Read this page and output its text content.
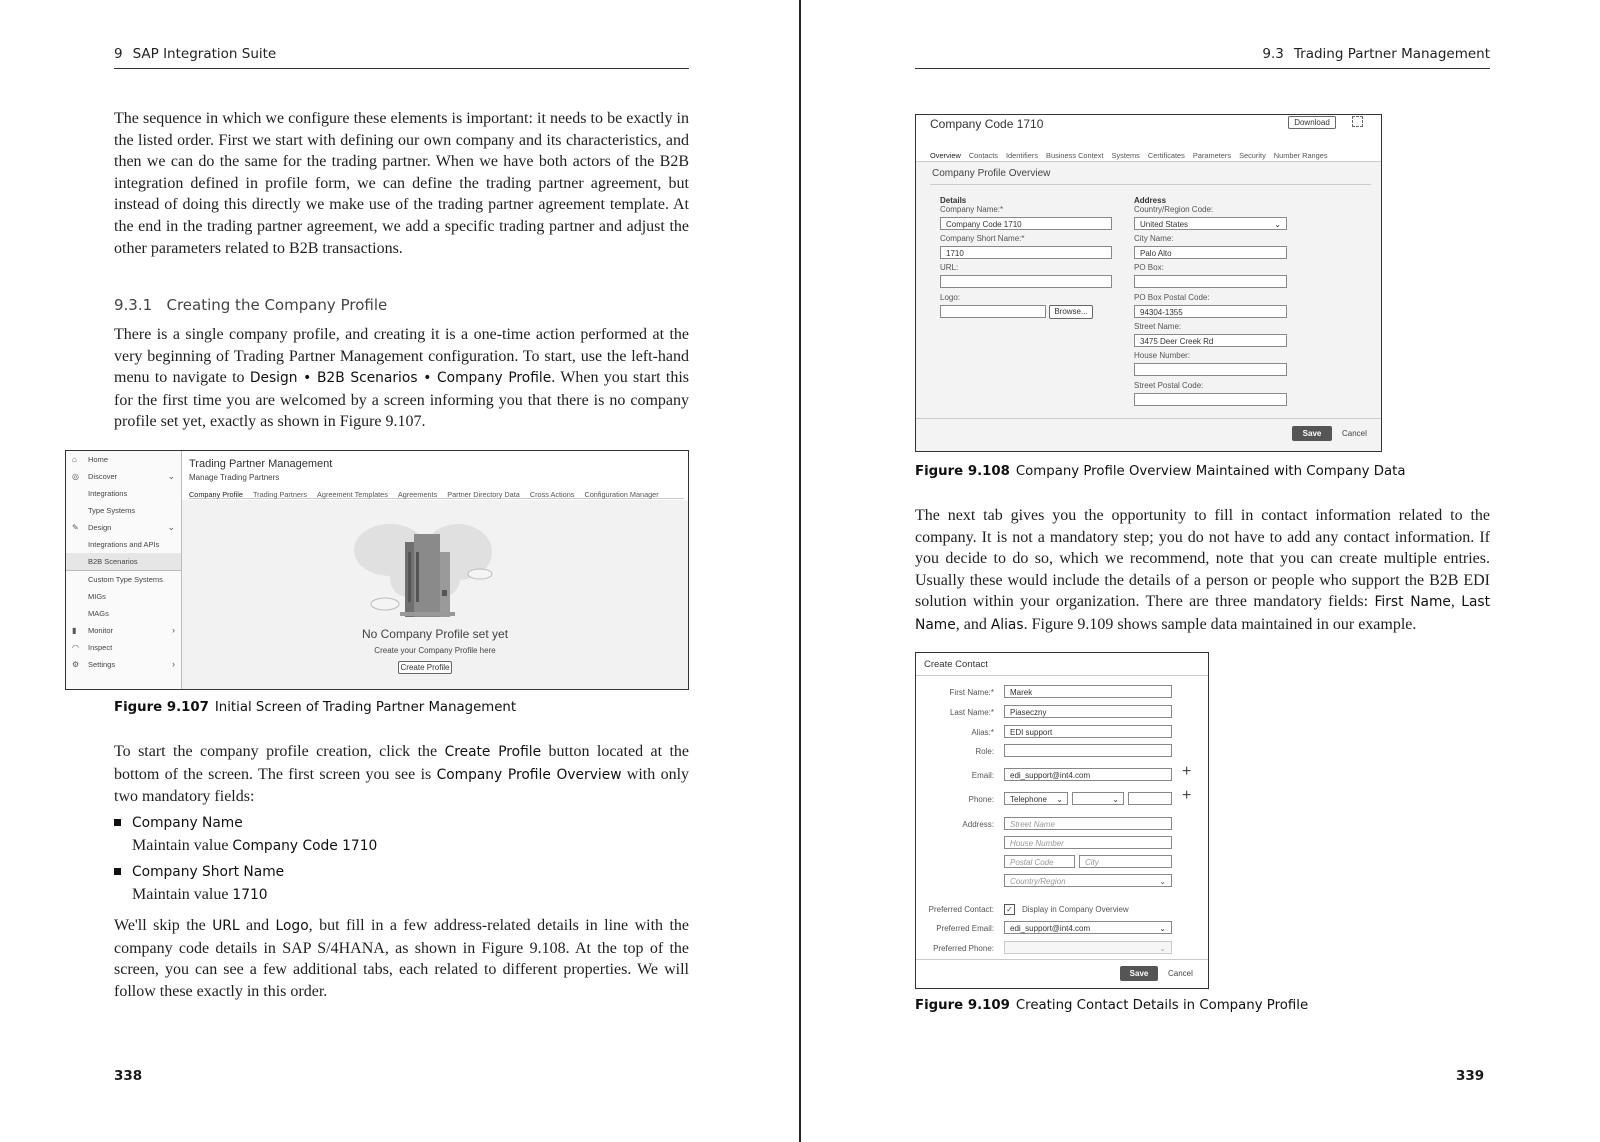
9 SAP Integration Suite

The sequence in which we configure these elements is important: it needs to be exactly in the listed order. First we start with defining our own company and its characteristics, and then we can do the same for the trading partner. When we have both actors of the B2B integration defined in profile form, we can define the trading partner agreement, but instead of doing this directly we make use of the trading partner agreement template. At the end in the trading partner agreement, we add a specific trading partner and adjust the other parameters related to B2B transactions.

9.3.1 Creating the Company Profile

There is a single company profile, and creating it is a one-time action performed at the very beginning of Trading Partner Management configuration. To start, use the left-hand menu to navigate to Design • B2B Scenarios • Company Profile. When you start this for the first time you are welcomed by a screen informing you that there is no company profile set yet, exactly as shown in Figure 9.107.

⌂ Home
◎ Discover	⌄
Integrations
Type Systems
✎ Design	⌄
Integrations and APIs
B2B Scenarios
Custom Type Systems
MIGs
MAGs
▮ Monitor	›
◠ Inspect
⚙ Settings	›
Trading Partner Management
Manage Trading Partners
Company Profile Trading Partners Agreement Templates Agreements Partner Directory Data Cross Actions Configuration Manager
No Company Profile set yet
Create your Company Profile here
Create Profile
Figure 9.107 Initial Screen of Trading Partner Management

To start the company profile creation, click the Create Profile button located at the bottom of the screen. The first screen you see is Company Profile Overview with only two mandatory fields:

Company Name
Maintain value Company Code 1710
Company Short Name
Maintain value 1710

We'll skip the URL and Logo, but fill in a few address-related details in line with the company code details in SAP S/4HANA, as shown in Figure 9.108. At the top of the screen, you can see a few additional tabs, each related to different properties. We will follow these exactly in this order.

338
9.3 Trading Partner Management
Company Code 1710	Download
Overview Contacts Identifiers Business Context Systems Certificates Parameters Security Number Ranges
Company Profile Overview
Details
Company Name:*
Company Code 1710
Company Short Name:*
1710
URL:
Logo:
Browse...
Address
Country/Region Code:
United States	⌄
City Name:
Palo Alto
PO Box:
PO Box Postal Code:
94304-1355
Street Name:
3475 Deer Creek Rd
House Number:
Street Postal Code:
Save	Cancel
Figure 9.108 Company Profile Overview Maintained with Company Data

The next tab gives you the opportunity to fill in contact information related to the company. It is not a mandatory step; you do not have to add any contact information. If you decide to do so, which we recommend, note that you can create multiple entries. Usually these would include the details of a person or people who support the B2B EDI solution within your organization. There are three mandatory fields: First Name, Last Name, and Alias. Figure 9.109 shows sample data maintained in our example.

Create Contact
First Name:*	Marek
Last Name:*	Piaseczny
Alias:*	EDI support
Role:
Email:	edi_support@int4.com	+
Phone:	Telephone ⌄	⌄	+
Address:	Street Name
House Number
Postal Code	City
Country/Region	⌄
Preferred Contact: ✓ Display in Company Overview
Preferred Email:	edi_support@int4.com	⌄
Preferred Phone:	⌄
Save	Cancel
Figure 9.109 Creating Contact Details in Company Profile
339
